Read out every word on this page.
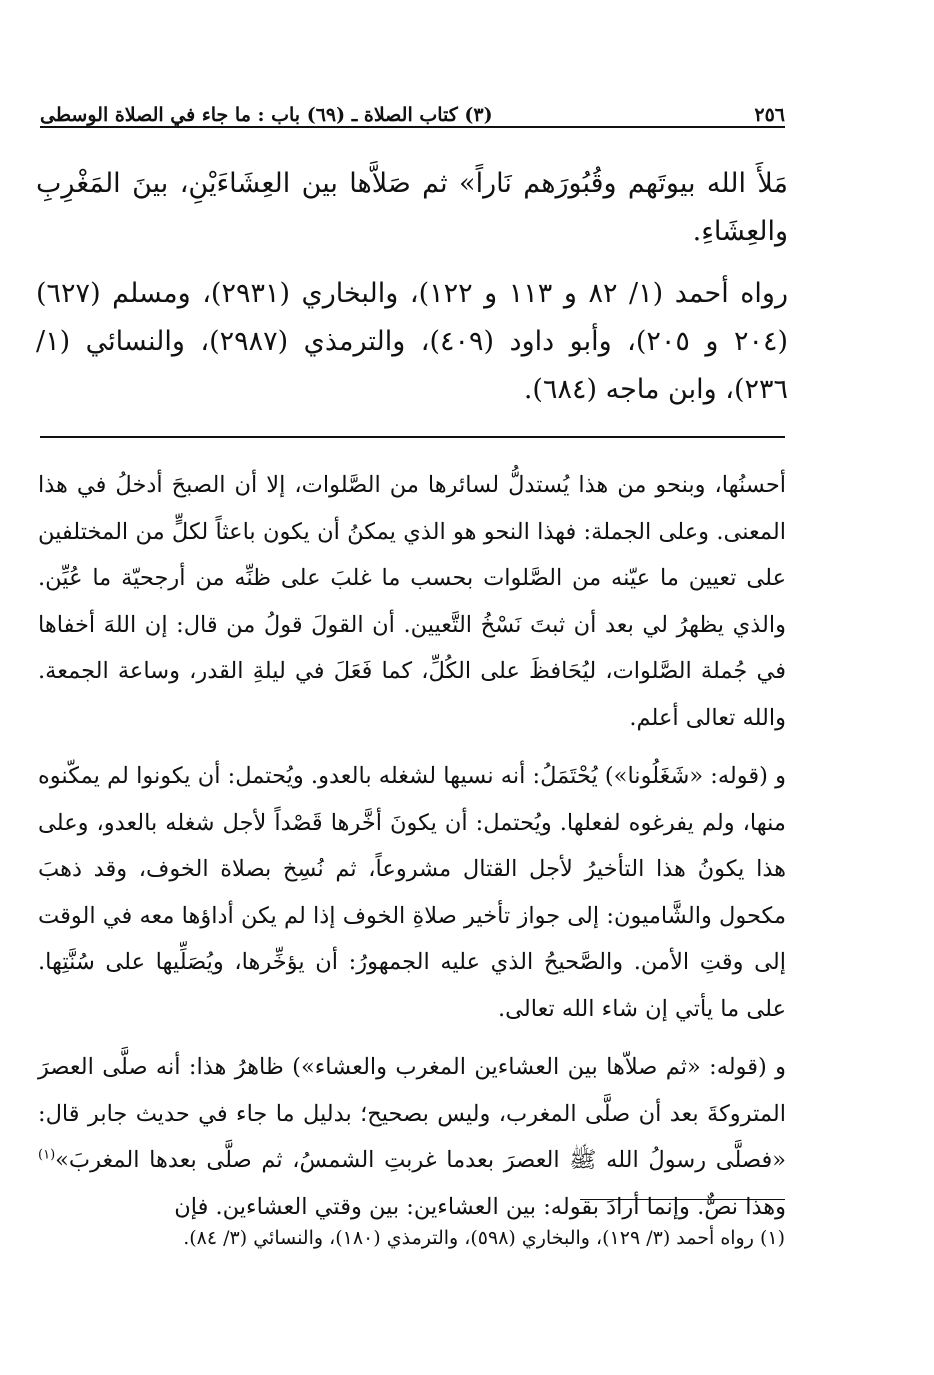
٢٥٦
(٣) كتاب الصلاة ـ (٦٩) باب : ما جاء في الصلاة الوسطى

مَلأَ الله بيوتَهم وقُبُورَهم نَاراً» ثم صَلاَّها بين العِشَاءَيْنِ، بينَ المَغْرِبِ والعِشَاءِ.

رواه أحمد (١/ ٨٢ و ١١٣ و ١٢٢)، والبخاري (٢٩٣١)، ومسلم (٦٢٧) (٢٠٤ و ٢٠٥)، وأبو داود (٤٠٩)، والترمذي (٢٩٨٧)، والنسائي (١/ ٢٣٦)، وابن ماجه (٦٨٤).

أحسنُها، وبنحو من هذا يُستدلُّ لسائرها من الصَّلوات، إلا أن الصبحَ أدخلُ في هذا المعنى. وعلى الجملة: فهذا النحو هو الذي يمكنُ أن يكون باعثاً لكلٍّ من المختلفين على تعيين ما عيّنه من الصَّلوات بحسب ما غلبَ على ظنِّه من أرجحيّة ما عُيِّن. والذي يظهرُ لي بعد أن ثبتَ نَسْخُ التَّعيين. أن القولَ قولُ من قال: إن اللهَ أخفاها في جُملة الصَّلوات، ليُحَافظَ على الكُلِّ، كما فَعَلَ في ليلةِ القدر، وساعة الجمعة. والله تعالى أعلم.

و (قوله: «شَغَلُونا») يُحْتَمَلُ: أنه نسيها لشغله بالعدو. ويُحتمل: أن يكونوا لم يمكّنوه منها، ولم يفرغوه لفعلها. ويُحتمل: أن يكونَ أخَّرها قَصْداً لأجل شغله بالعدو، وعلى هذا يكونُ هذا التأخيرُ لأجل القتال مشروعاً، ثم نُسِخ بصلاة الخوف، وقد ذهبَ مكحول والشَّاميون: إلى جواز تأخير صلاةِ الخوف إذا لم يكن أداؤها معه في الوقت إلى وقتِ الأمن. والصَّحيحُ الذي عليه الجمهورُ: أن يؤخِّرها، ويُصَلِّيها على سُنَّتِها. على ما يأتي إن شاء الله تعالى.

و (قوله: «ثم صلاّها بين العشاءين المغرب والعشاء») ظاهرُ هذا: أنه صلَّى العصرَ المتروكةَ بعد أن صلَّى المغرب، وليس بصحيح؛ بدليل ما جاء في حديث جابر قال: «فصلَّى رسولُ الله ﷺ العصرَ بعدما غربتِ الشمسُ، ثم صلَّى بعدها المغربَ»$^{(١)}$ وهذا نصٌّ. وإنما أرادَ بقوله: بين العشاءين: بين وقتي العشاءين. فإن

(١) رواه أحمد (٣/ ١٢٩)، والبخاري (٥٩٨)، والترمذي (١٨٠)، والنسائي (٣/ ٨٤).
